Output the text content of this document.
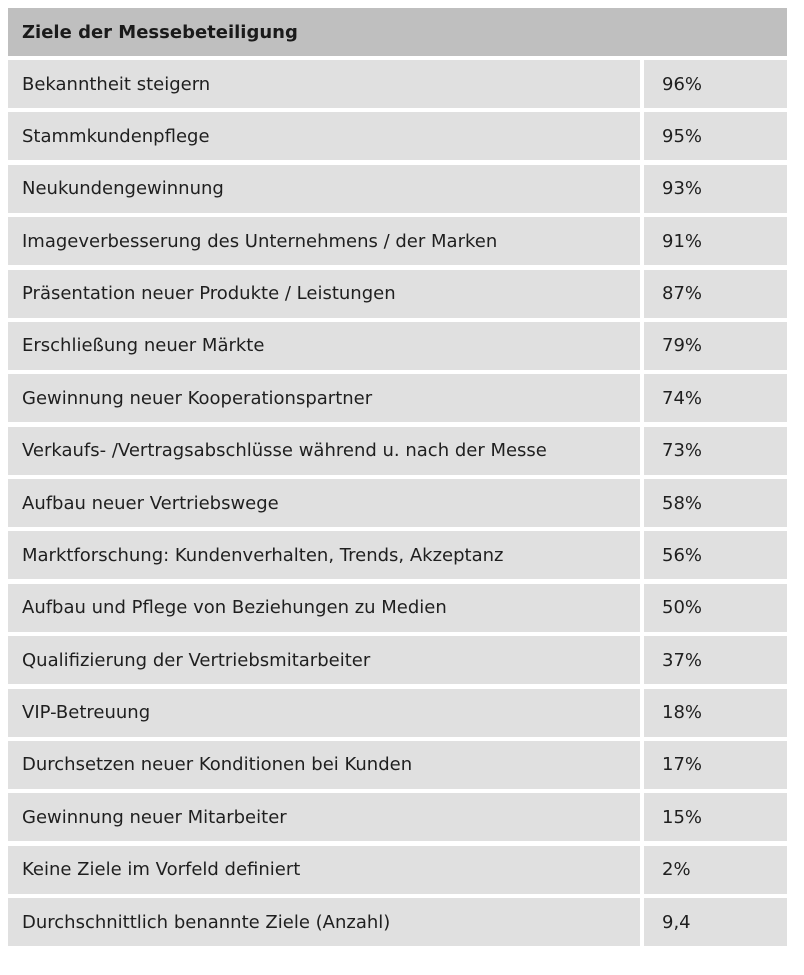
Ziele der Messebeteiligung
Bekanntheit steigern	96%
Stammkundenpflege	95%
Neukundengewinnung	93%
Imageverbesserung des Unternehmens / der Marken	91%
Präsentation neuer Produkte / Leistungen	87%
Erschließung neuer Märkte	79%
Gewinnung neuer Kooperationspartner	74%
Verkaufs- /Vertragsabschlüsse während u. nach der Messe	73%
Aufbau neuer Vertriebswege	58%
Marktforschung: Kundenverhalten, Trends, Akzeptanz	56%
Aufbau und Pflege von Beziehungen zu Medien	50%
Qualifizierung der Vertriebsmitarbeiter	37%
VIP-Betreuung	18%
Durchsetzen neuer Konditionen bei Kunden	17%
Gewinnung neuer Mitarbeiter	15%
Keine Ziele im Vorfeld definiert	2%
Durchschnittlich benannte Ziele (Anzahl)	9,4
